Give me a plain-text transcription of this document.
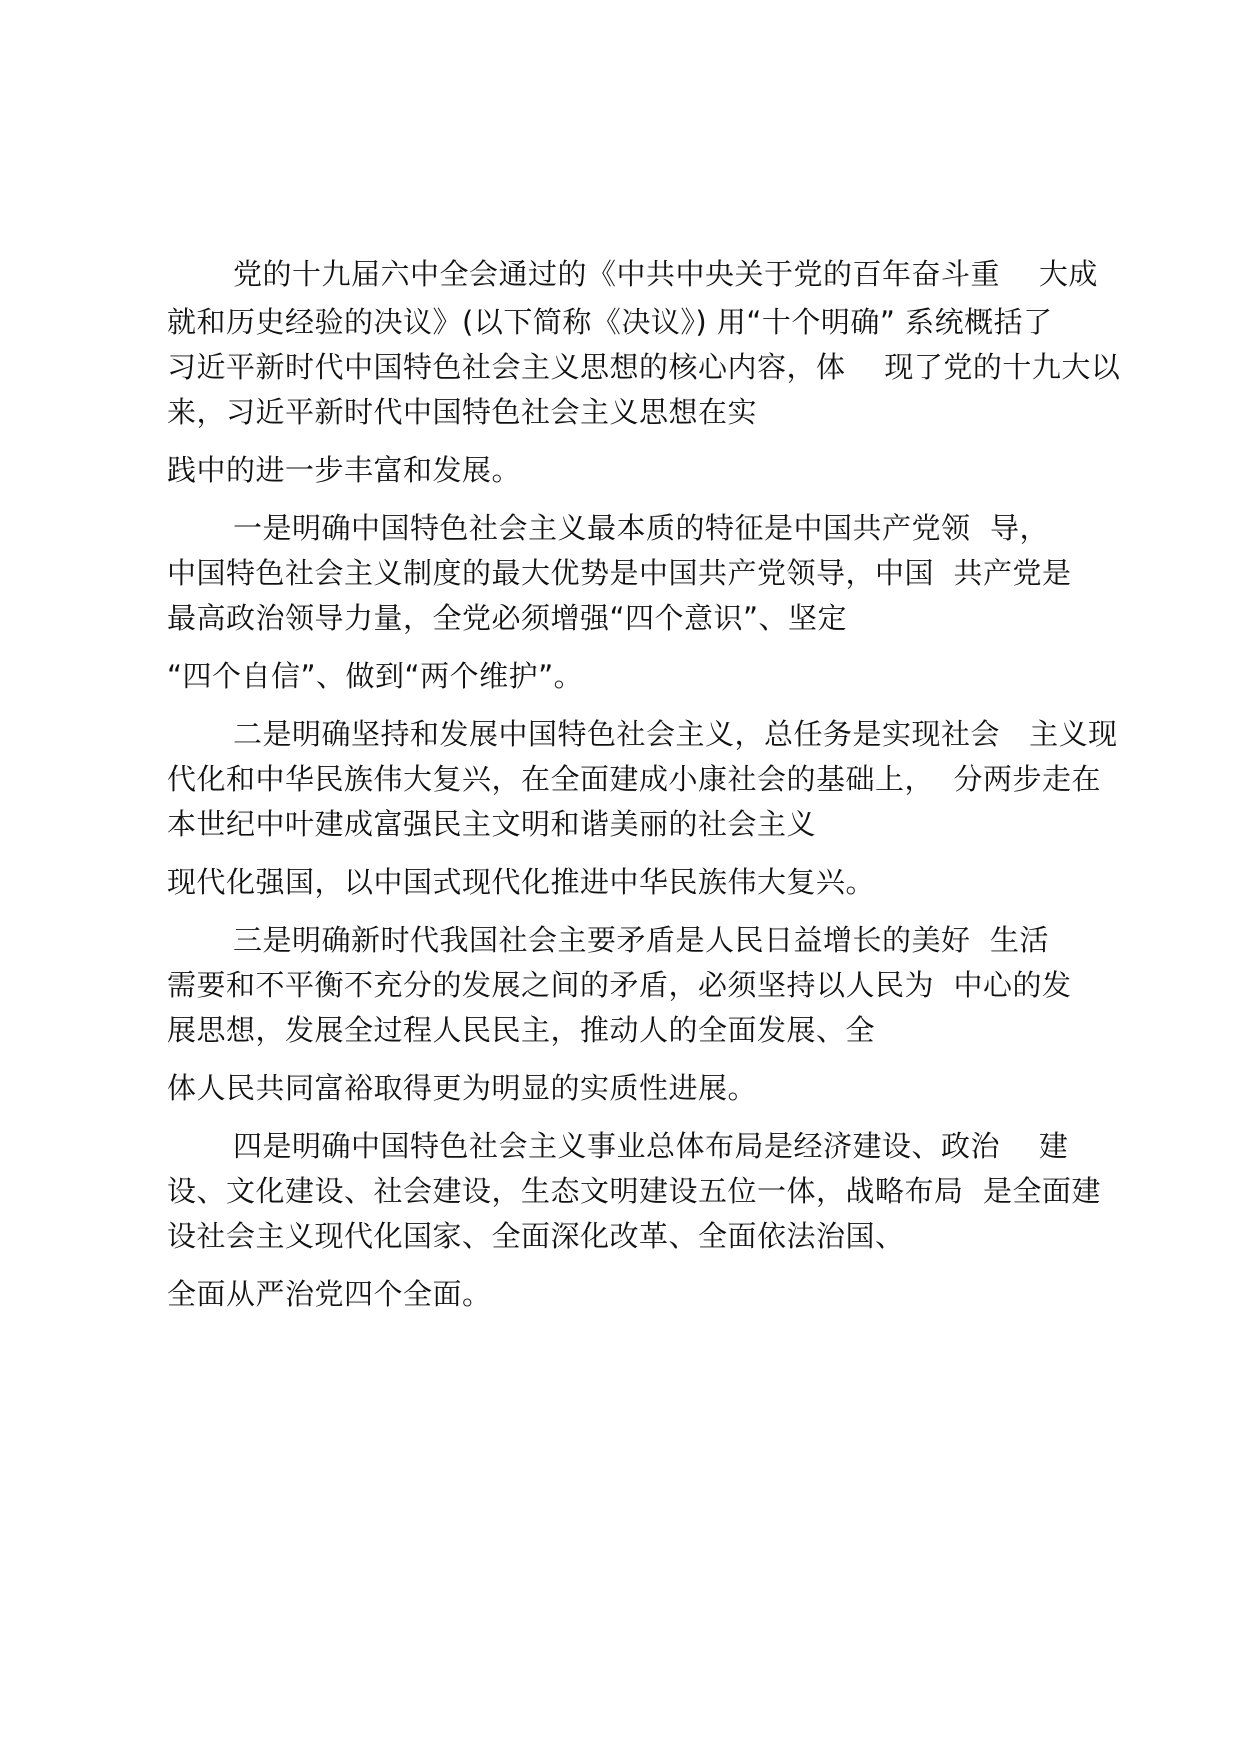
党的十九届六中全会通过的《中共中央关于党的百年奋斗重    大成
就和历史经验的决议》(以下简称《决议》) 用“十个明确” 系统概括了
习近平新时代中国特色社会主义思想的核心内容，体    现了党的十九大以
来，习近平新时代中国特色社会主义思想在实
践中的进一步丰富和发展。
一是明确中国特色社会主义最本质的特征是中国共产党领  导，
中国特色社会主义制度的最大优势是中国共产党领导，中国  共产党是
最高政治领导力量，全党必须增强“四个意识”、坚定
“四个自信”、做到“两个维护”。
二是明确坚持和发展中国特色社会主义，总任务是实现社会   主义现
代化和中华民族伟大复兴，在全面建成小康社会的基础上，  分两步走在
本世纪中叶建成富强民主文明和谐美丽的社会主义
现代化强国，以中国式现代化推进中华民族伟大复兴。
三是明确新时代我国社会主要矛盾是人民日益增长的美好  生活
需要和不平衡不充分的发展之间的矛盾，必须坚持以人民为  中心的发
展思想，发展全过程人民民主，推动人的全面发展、全
体人民共同富裕取得更为明显的实质性进展。
四是明确中国特色社会主义事业总体布局是经济建设、政治    建
设、文化建设、社会建设，生态文明建设五位一体，战略布局  是全面建
设社会主义现代化国家、全面深化改革、全面依法治国、
全面从严治党四个全面。
